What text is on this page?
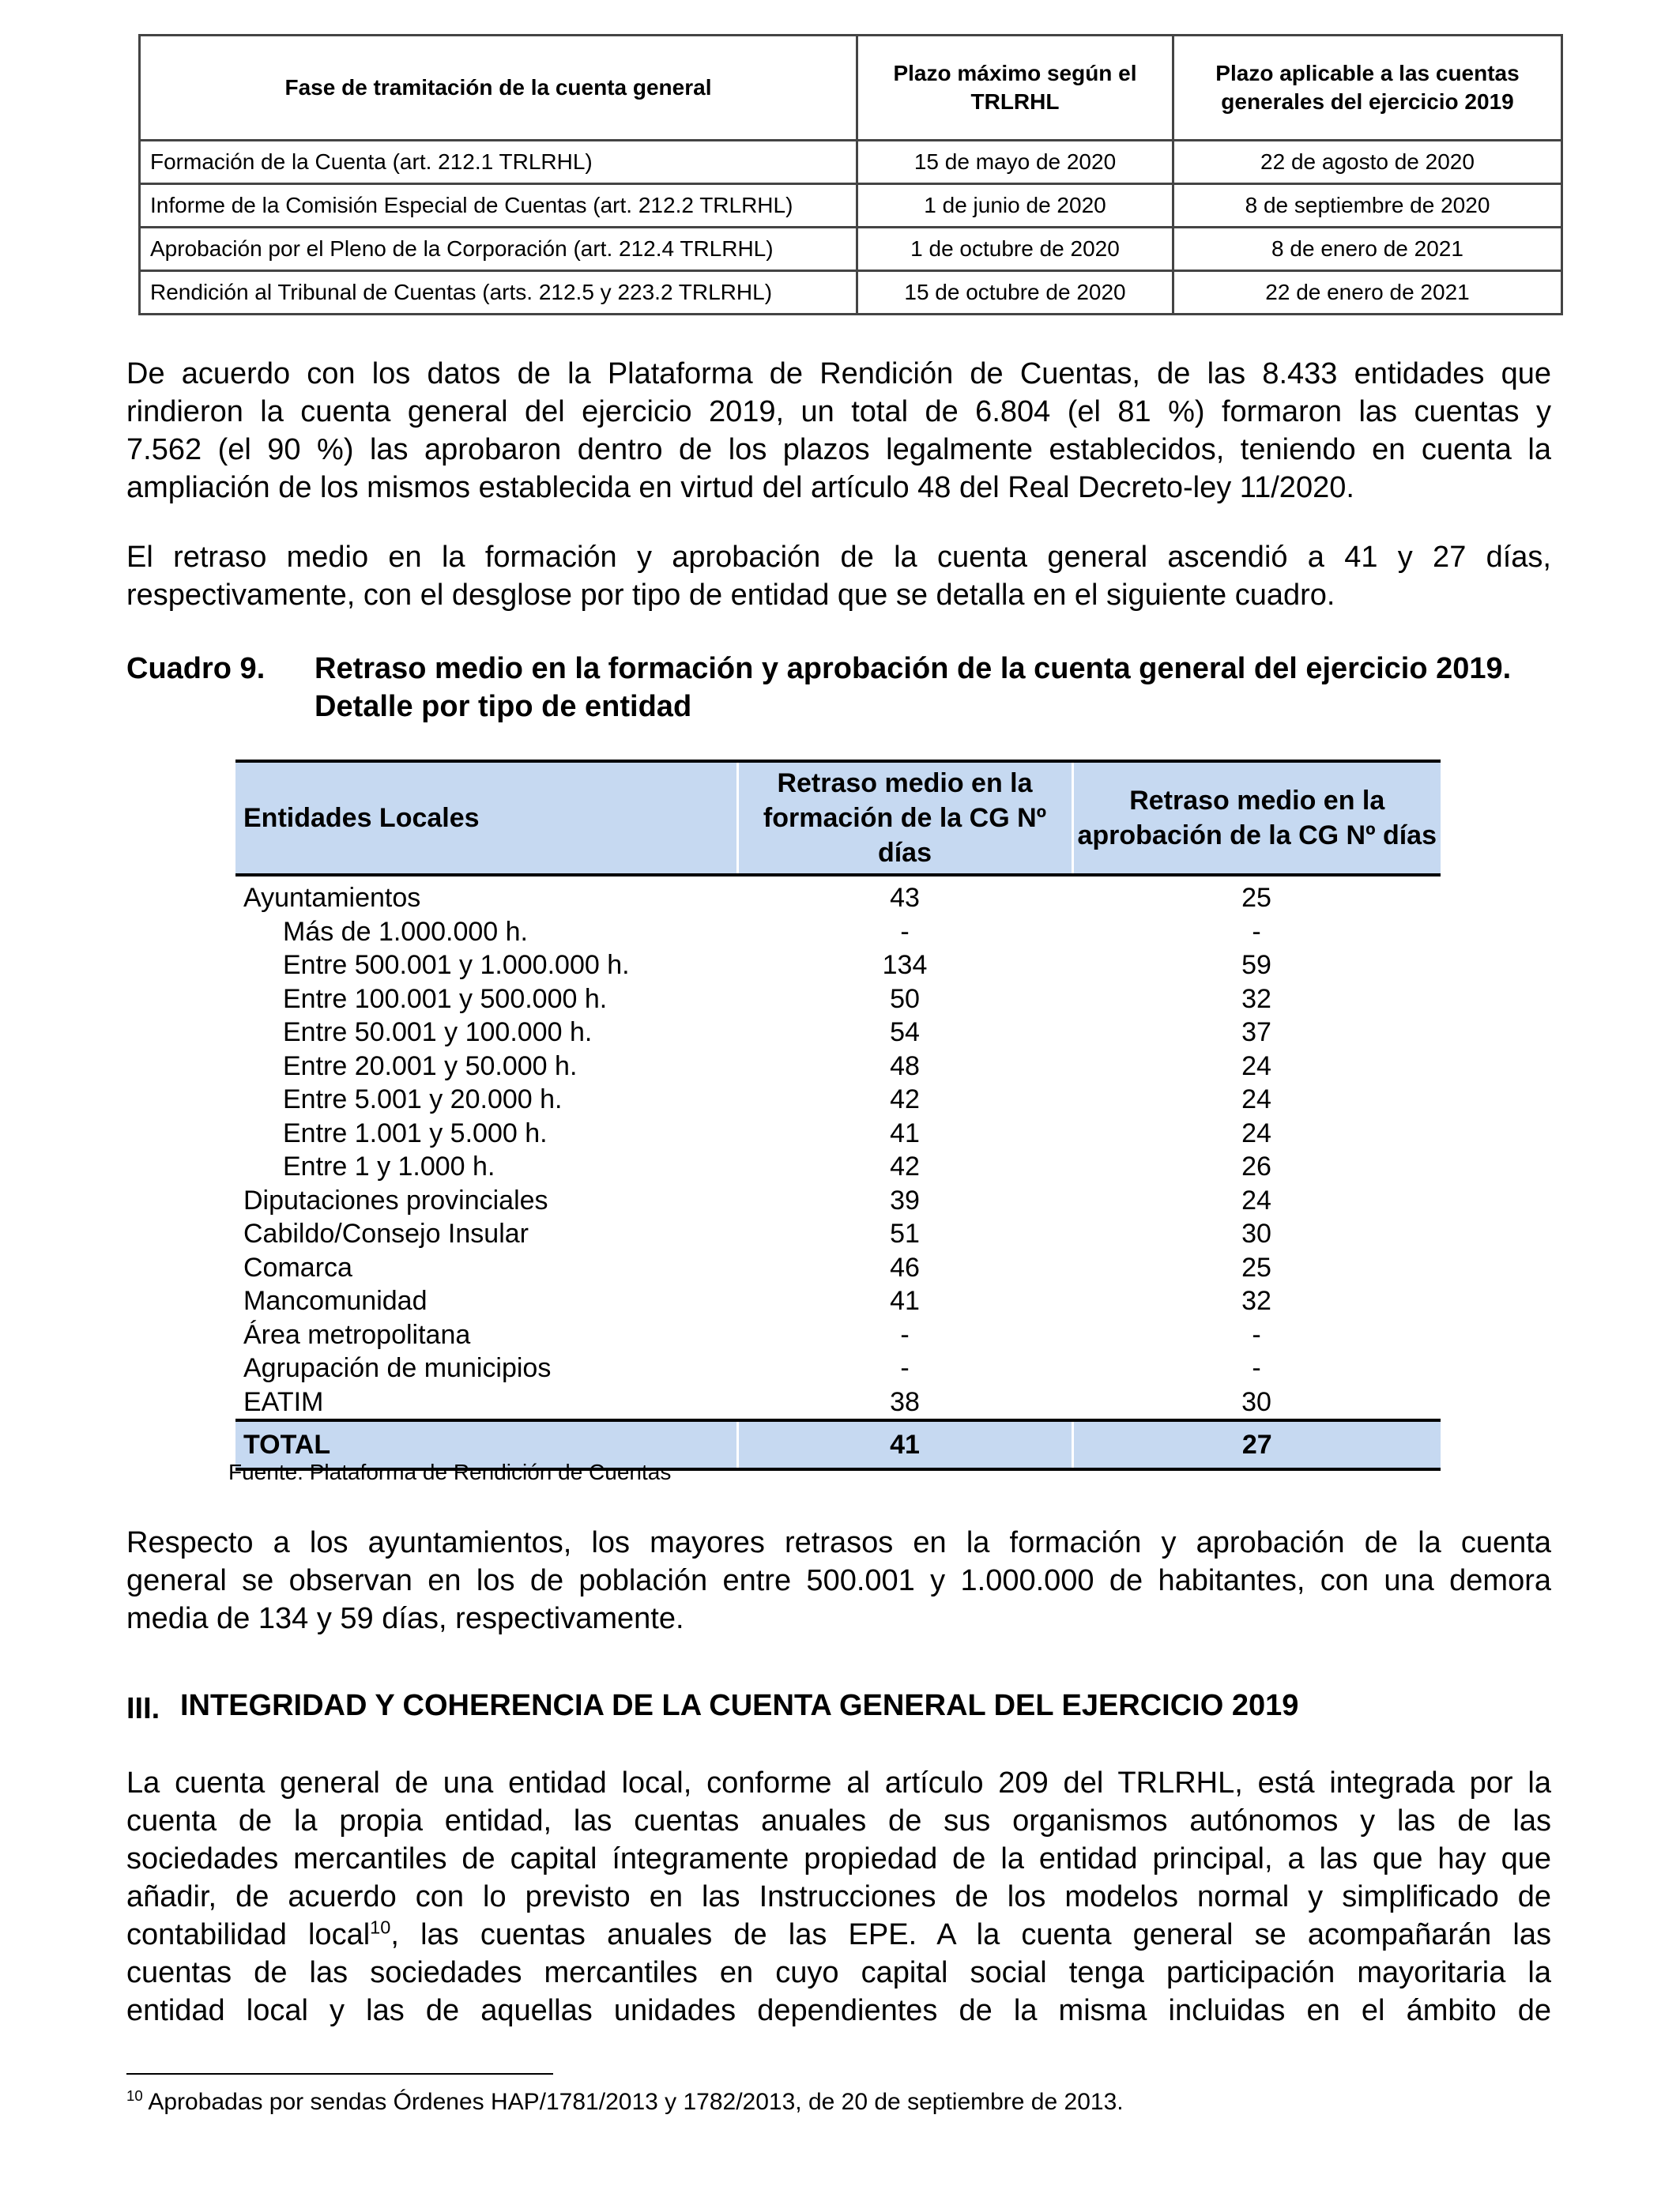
Fase de tramitación de la cuenta general	Plazo máximo según el TRLRHL	Plazo aplicable a las cuentas generales del ejercicio 2019
Formación de la Cuenta (art. 212.1 TRLRHL)	15 de mayo de 2020	22 de agosto de 2020
Informe de la Comisión Especial de Cuentas (art. 212.2 TRLRHL)	1 de junio de 2020	8 de septiembre de 2020
Aprobación por el Pleno de la Corporación (art. 212.4 TRLRHL)	1 de octubre de 2020	8 de enero de 2021
Rendición al Tribunal de Cuentas (arts. 212.5 y 223.2 TRLRHL)	15 de octubre de 2020	22 de enero de 2021

De acuerdo con los datos de la Plataforma de Rendición de Cuentas, de las 8.433 entidades que
rindieron la cuenta general del ejercicio 2019, un total de 6.804 (el 81 %) formaron las cuentas y
7.562 (el 90 %) las aprobaron dentro de los plazos legalmente establecidos, teniendo en cuenta la
ampliación de los mismos establecida en virtud del artículo 48 del Real Decreto-ley 11/2020.

El retraso medio en la formación y aprobación de la cuenta general ascendió a 41 y 27 días,
respectivamente, con el desglose por tipo de entidad que se detalla en el siguiente cuadro.

Cuadro 9. Retraso medio en la formación y aprobación de la cuenta general del ejercicio 2019. Detalle por tipo de entidad
Entidades Locales	Retraso medio en la formación de la CG Nº días	Retraso medio en la aprobación de la CG Nº días
Ayuntamientos	43	25
Más de 1.000.000 h.	-	-
Entre 500.001 y 1.000.000 h.	134	59
Entre 100.001 y 500.000 h.	50	32
Entre 50.001 y 100.000 h.	54	37
Entre 20.001 y 50.000 h.	48	24
Entre 5.001 y 20.000 h.	42	24
Entre 1.001 y 5.000 h.	41	24
Entre 1 y 1.000 h.	42	26
Diputaciones provinciales	39	24
Cabildo/Consejo Insular	51	30
Comarca	46	25
Mancomunidad	41	32
Área metropolitana	-	-
Agrupación de municipios	-	-
EATIM	38	30
TOTAL	41	27
Fuente: Plataforma de Rendición de Cuentas

Respecto a los ayuntamientos, los mayores retrasos en la formación y aprobación de la cuenta
general se observan en los de población entre 500.001 y 1.000.000 de habitantes, con una demora
media de 134 y 59 días, respectivamente.

III. INTEGRIDAD Y COHERENCIA DE LA CUENTA GENERAL DEL EJERCICIO 2019

La cuenta general de una entidad local, conforme al artículo 209 del TRLRHL, está integrada por la
cuenta de la propia entidad, las cuentas anuales de sus organismos autónomos y las de las
sociedades mercantiles de capital íntegramente propiedad de la entidad principal, a las que hay que
añadir, de acuerdo con lo previsto en las Instrucciones de los modelos normal y simplificado de
contabilidad local$^{10}$, las cuentas anuales de las EPE. A la cuenta general se acompañarán las
cuentas de las sociedades mercantiles en cuyo capital social tenga participación mayoritaria la
entidad local y las de aquellas unidades dependientes de la misma incluidas en el ámbito de

$^{10}$ Aprobadas por sendas Órdenes HAP/1781/2013 y 1782/2013, de 20 de septiembre de 2013.
